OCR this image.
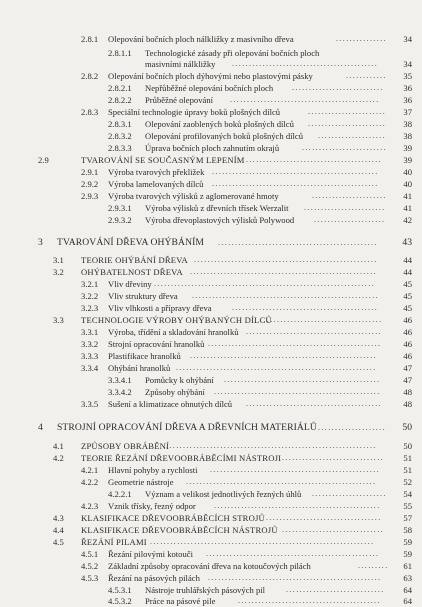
2.8.1 Olepování bočních ploch nálkližky z masivního dřeva	...............	34
2.8.1.1 Technologické zásady při olepování bočních ploch
masivními nálkližky ...........................................	34
2.8.2 Olepování bočních ploch dýhovými nebo plastovými pásky	............	35
2.8.2.1 Nepřůběžné olepování bočních ploch ...........................	36
2.8.2.2 Průběžné olepování ............................................	36
2.8.3 Speciální technologie úpravy boků plošných dílců	.......................	37
2.8.3.1 Olepování zaoblených boků plošných dílců .......................	38
2.8.3.2 Olepování profilovaných boků plošných dílců ....................	38
2.8.3.3 Úprava bočních ploch zahnutím okrajů	.........................	39
2.9	TVAROVÁNÍ SE SOUČASNÝM LEPENÍM ........................................	39
2.9.1 Výroba tvarových překližek .................................................	40
2.9.2 Výroba lamelovaných dílců .................................................	40
2.9.3 Výroba tvarových výlisků z aglomerované hmoty	......................	41
2.9.3.1 Výroba výlisků z dřevních třísek Werzalit ........................	41
2.9.3.2 Výroba dřevoplastových výlisků Polywood .....................	42
3 TVAROVÁNÍ DŘEVA OHÝBÁNÍM ...............................................	43
3.1 TEORIE OHÝBÁNÍ DŘEVA ......................................................	44
3.2 OHÝBATELNOST DŘEVA .......................................................	44
3.2.1 Vliv dřeviny .................................................................	45
3.2.2 Vliv struktury dřeva .......................................................	45
3.2.3 Vliv vlhkosti a přípravy dřeva	...........................................	45
3.3 TECHNOLOGIE VÝROBY OHÝBANÝCH DÍLCŮ
....................................	46
3.3.1 Výroba, třídění a skladování hranolků ........................................	46
3.3.2 Strojní opracování hranolků ...................................................	46
3.3.3 Plastifikace hranolků .......................................................	46
3.3.4 Ohýbání hranolků ...........................................................	47
3.3.4.1 Pomůcky k ohýbání ..............................................	47
3.3.4.2 Způsoby ohýbání .................................................	48
3.3.5 Sušení a klimatizace ohnutých dílců ........................................	48
4 STROJNÍ OPRACOVÁNÍ DŘEVA A DŘEVNÍCH MATERIÁLŮ ....................	50
4.1 ZPŮSOBY OBRÁBĚNÍ
..............................................................	50
4.2 TEORIE ŘEZÁNÍ DŘEVOOBRÁBĚCÍMI NÁSTROJI ..............................	51
4.2.1 Hlavní pohyby a rychlosti ..................................................	51
4.2.2 Geometrie nástroje ........................................................	52
4.2.2.1 Význam a velikost jednotlivých řezných úhlů ......................	54
4.2.3 Vznik třísky, řezný odpor .................................................	55
4.3 KLASIFIKACE DŘEVOOBRÁBĚCÍCH STROJŮ ..................................	57
4.4 KLASIFIKACE DŘEVOOBRÁBĚCÍCH NÁSTROJŮ ..............................	58
4.5 ŘEZÁNÍ PILAMI ..................................................................	59
4.5.1 Řezání pilovými kotouči ...................................................	59
4.5.2 Základní způsoby opracování dřeva na kotoučových pilách	.........	61
4.5.3 Řezání na pásových pilách ...................................................	63
4.5.3.1 Nástroje truhlářských pásových pil	.............................	64
4.5.3.2 Práce na pásové pile	..........................................	64
